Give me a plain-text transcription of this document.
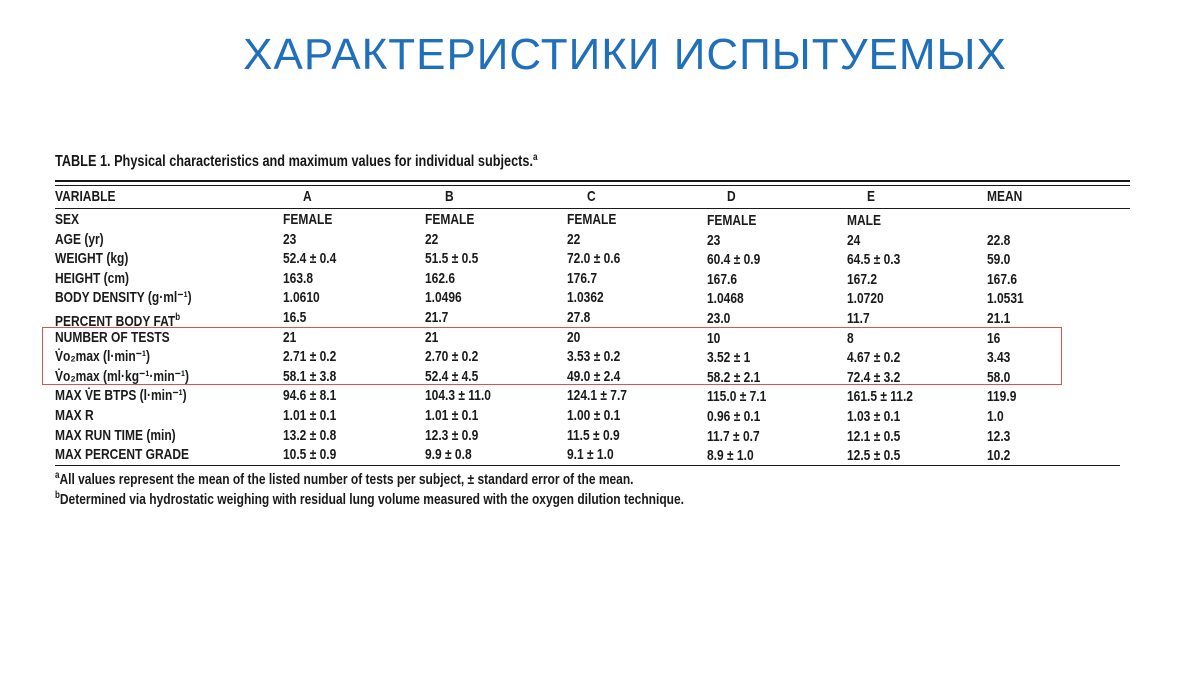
ХАРАКТЕРИСТИКИ ИСПЫТУЕМЫХ
TABLE 1. Physical characteristics and maximum values for individual subjects.$^a$
VARIABLE	A	B	C	D	E	MEAN
SEX	FEMALE	FEMALE	FEMALE	FEMALE	MALE
AGE (yr)	23	22	22	23	24	22.8
WEIGHT (kg)	52.4 ± 0.4	51.5 ± 0.5	72.0 ± 0.6	60.4 ± 0.9	64.5 ± 0.3	59.0
HEIGHT (cm)	163.8	162.6	176.7	167.6	167.2	167.6
BODY DENSITY (g·ml⁻¹)	1.0610	1.0496	1.0362	1.0468	1.0720	1.0531
PERCENT BODY FAT$^b$	16.5	21.7	27.8	23.0	11.7	21.1
NUMBER OF TESTS	21	21	20	10	8	16
V̇o₂max (l·min⁻¹)	2.71 ± 0.2	2.70 ± 0.2	3.53 ± 0.2	3.52 ± 1	4.67 ± 0.2	3.43
V̇o₂max (ml·kg⁻¹·min⁻¹)	58.1 ± 3.8	52.4 ± 4.5	49.0 ± 2.4	58.2 ± 2.1	72.4 ± 3.2	58.0
MAX V̇E BTPS (l·min⁻¹)	94.6 ± 8.1	104.3 ± 11.0	124.1 ± 7.7	115.0 ± 7.1	161.5 ± 11.2	119.9
MAX R	1.01 ± 0.1	1.01 ± 0.1	1.00 ± 0.1	0.96 ± 0.1	1.03 ± 0.1	1.0
MAX RUN TIME (min)	13.2 ± 0.8	12.3 ± 0.9	11.5 ± 0.9	11.7 ± 0.7	12.1 ± 0.5	12.3
MAX PERCENT GRADE	10.5 ± 0.9	9.9 ± 0.8	9.1 ± 1.0	8.9 ± 1.0	12.5 ± 0.5	10.2
$^a$All values represent the mean of the listed number of tests per subject, ± standard error of the mean.
$^b$Determined via hydrostatic weighing with residual lung volume measured with the oxygen dilution technique.
